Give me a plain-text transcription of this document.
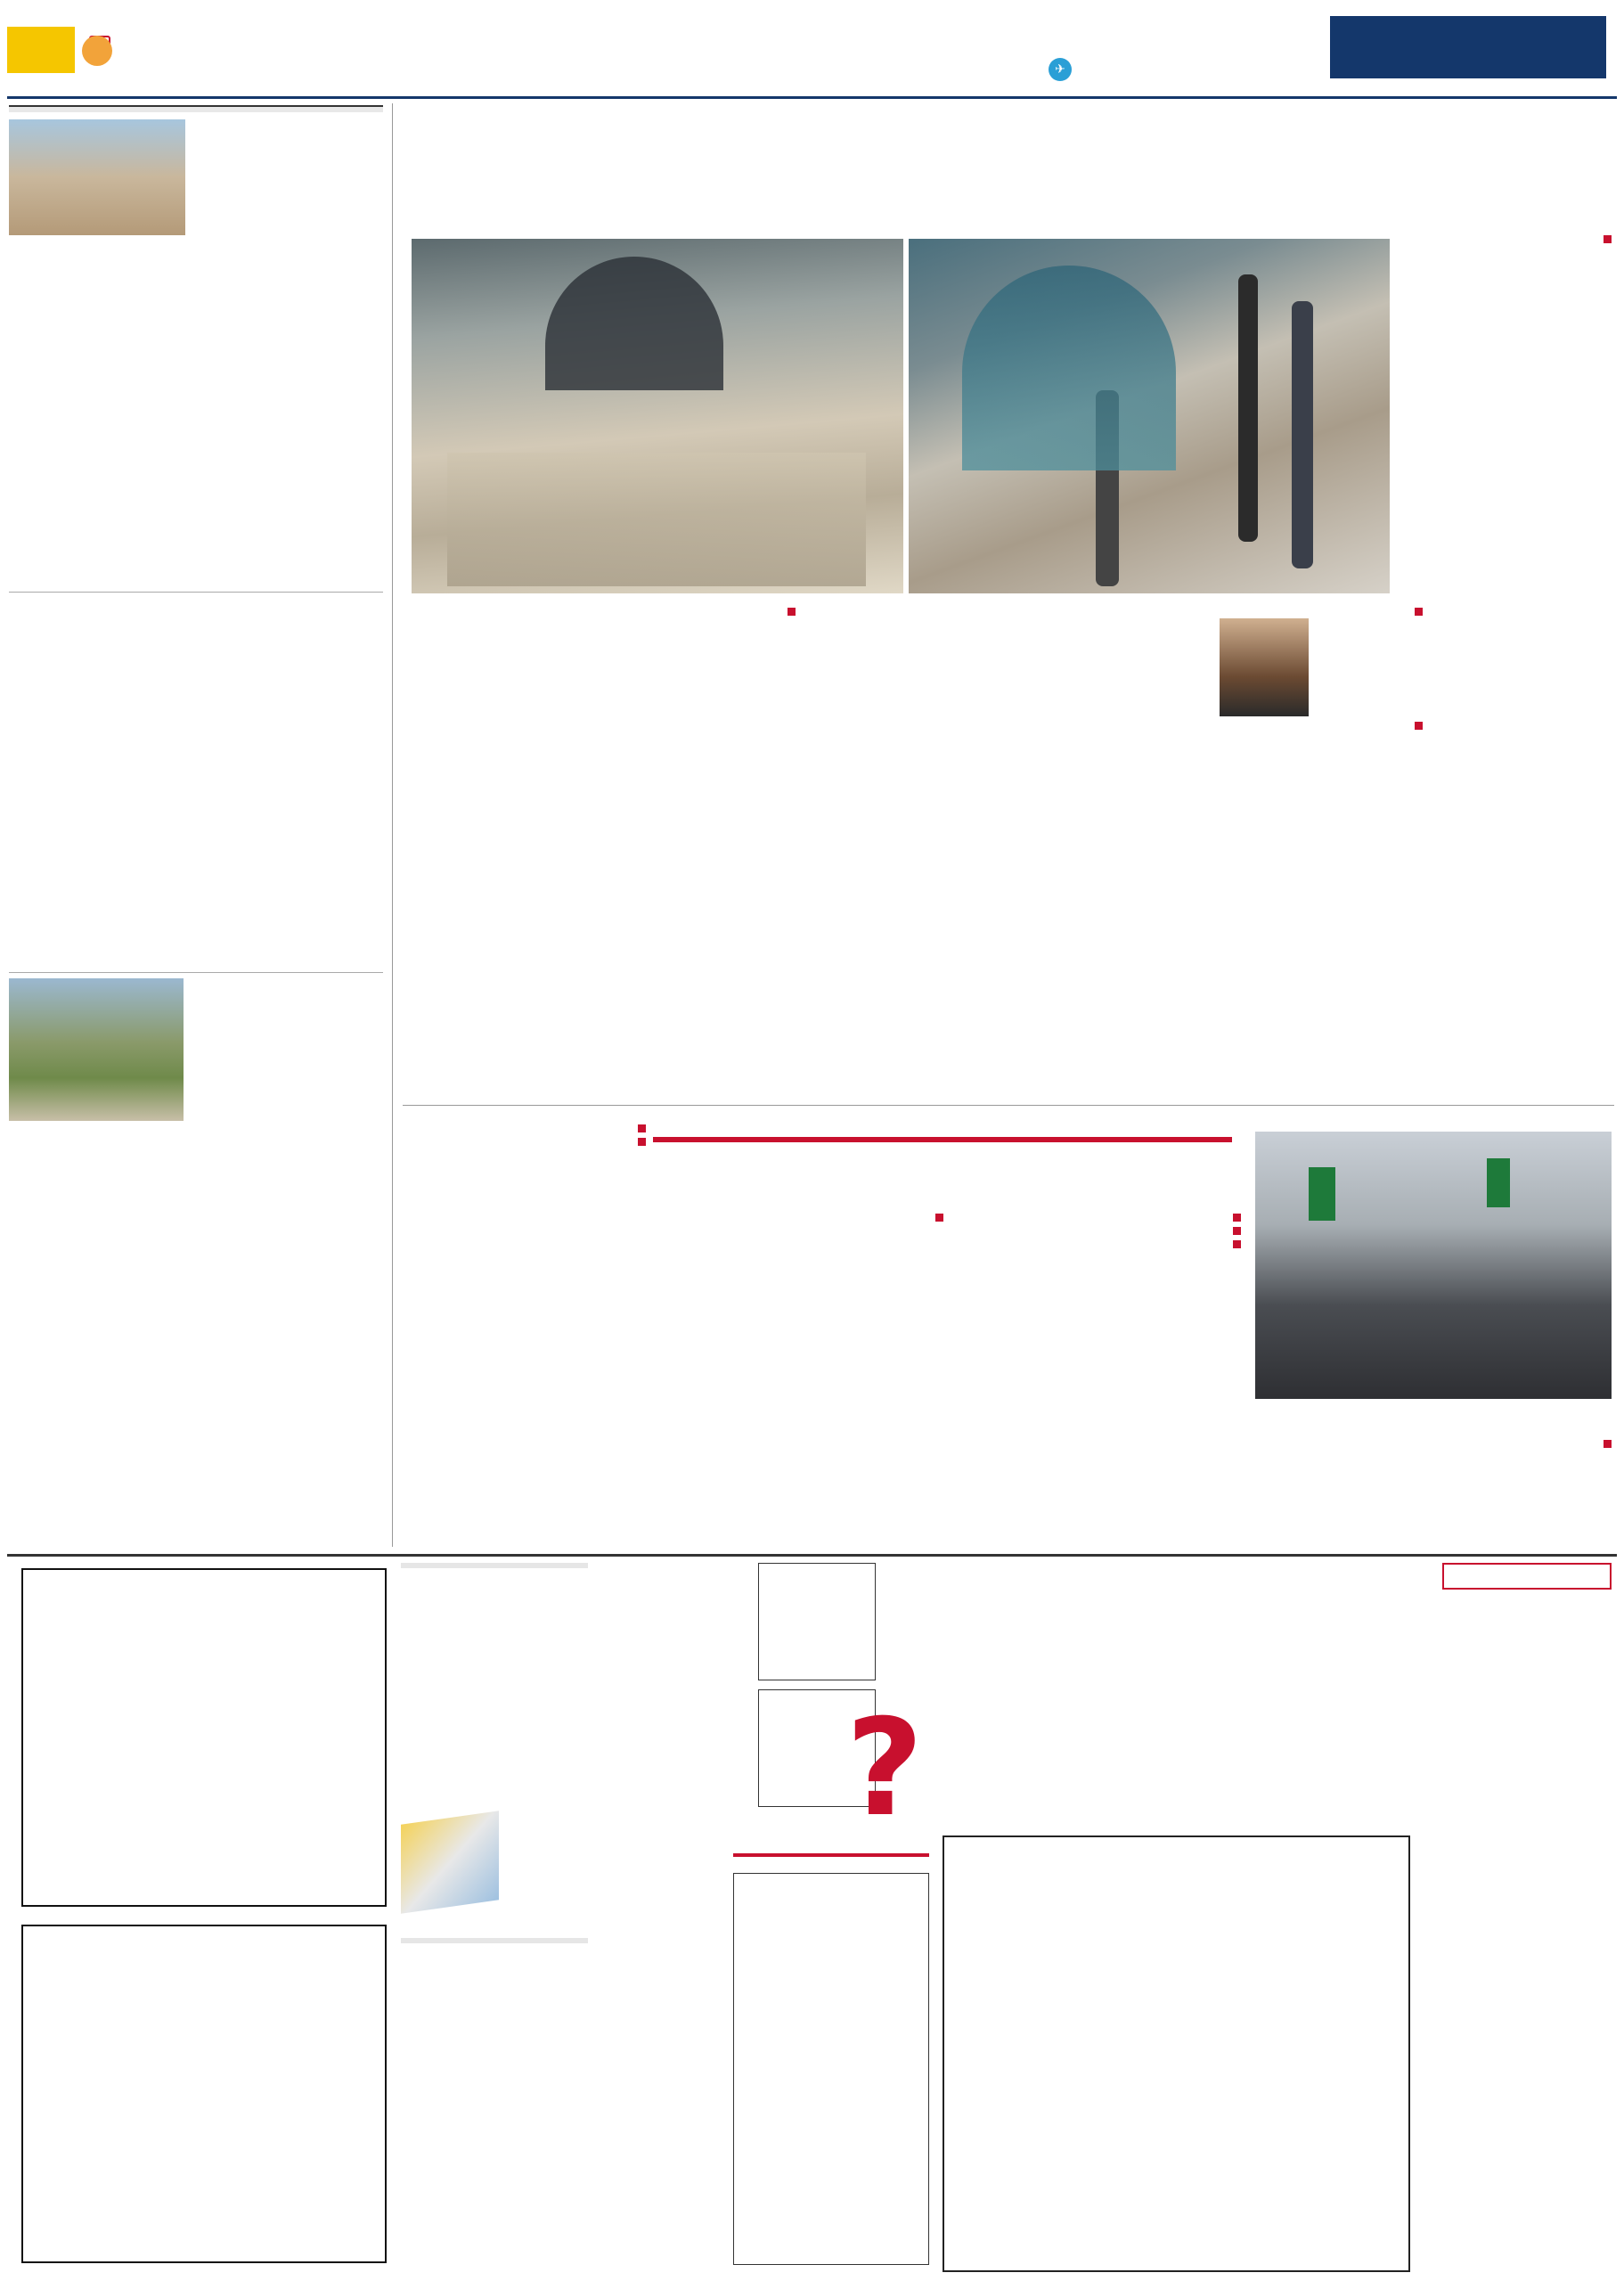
✈

?
